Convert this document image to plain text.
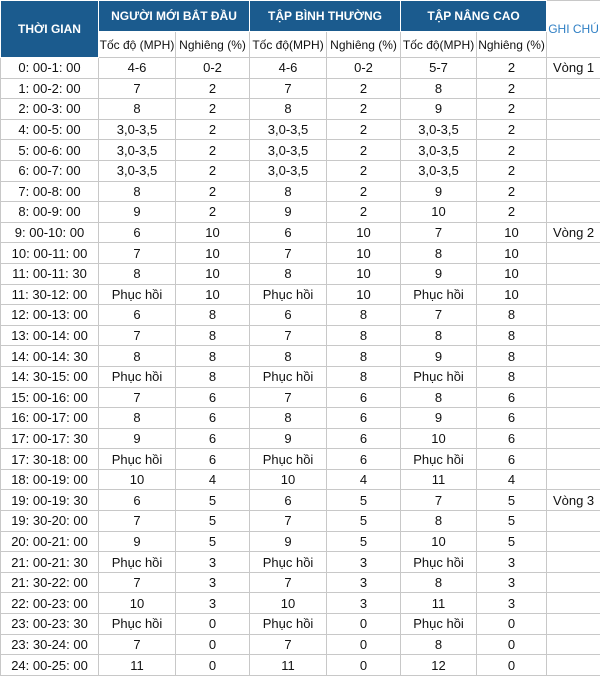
THỜI GIAN	NGƯỜI MỚI BẮT ĐẦU		TẬP BÌNH THƯỜNG		TẬP NÂNG CAO		GHI CHÚ
	Tốc độ (MPH)	Nghiêng (%)	Tốc độ(MPH)	Nghiêng (%)	Tốc độ(MPH)	Nghiêng (%)	
0: 00-1: 00	4-6	0-2	4-6	0-2	5-7	2	Vòng 1
1: 00-2: 00	7	2	7	2	8	2	
2: 00-3: 00	8	2	8	2	9	2	
4: 00-5: 00	3,0-3,5	2	3,0-3,5	2	3,0-3,5	2	
5: 00-6: 00	3,0-3,5	2	3,0-3,5	2	3,0-3,5	2	
6: 00-7: 00	3,0-3,5	2	3,0-3,5	2	3,0-3,5	2	
7: 00-8: 00	8	2	8	2	9	2	
8: 00-9: 00	9	2	9	2	10	2	
9: 00-10: 00	6	10	6	10	7	10	Vòng 2
10: 00-11: 00	7	10	7	10	8	10	
11: 00-11: 30	8	10	8	10	9	10	
11: 30-12: 00	Phục hồi	10	Phục hồi	10	Phục hồi	10	
12: 00-13: 00	6	8	6	8	7	8	
13: 00-14: 00	7	8	7	8	8	8	
14: 00-14: 30	8	8	8	8	9	8	
14: 30-15: 00	Phục hồi	8	Phục hồi	8	Phục hồi	8	
15: 00-16: 00	7	6	7	6	8	6	
16: 00-17: 00	8	6	8	6	9	6	
17: 00-17: 30	9	6	9	6	10	6	
17: 30-18: 00	Phục hồi	6	Phục hồi	6	Phục hồi	6	
18: 00-19: 00	10	4	10	4	11	4	
19: 00-19: 30	6	5	6	5	7	5	Vòng 3
19: 30-20: 00	7	5	7	5	8	5	
20: 00-21: 00	9	5	9	5	10	5	
21: 00-21: 30	Phục hồi	3	Phục hồi	3	Phục hồi	3	
21: 30-22: 00	7	3	7	3	8	3	
22: 00-23: 00	10	3	10	3	11	3	
23: 00-23: 30	Phục hồi	0	Phục hồi	0	Phục hồi	0	
23: 30-24: 00	7	0	7	0	8	0	
24: 00-25: 00	11	0	11	0	12	0	
